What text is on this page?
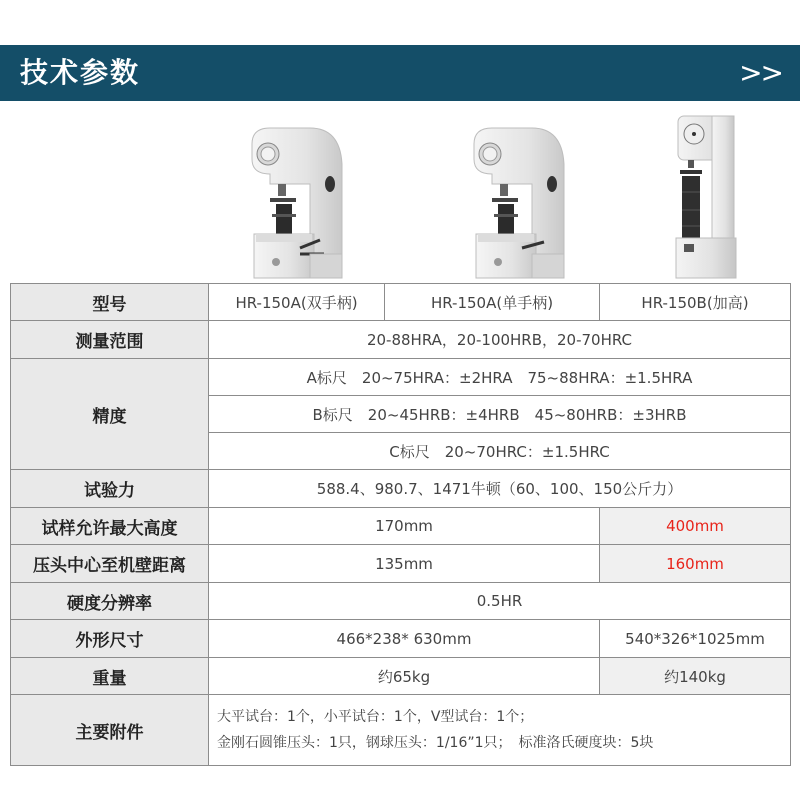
技术参数	>>
型号	HR-150A(双手柄)	HR-150A(单手柄)	HR-150B(加高)
测量范围	20-88HRA，20-100HRB，20-70HRC		
精度	A标尺　20~75HRA：±2HRA　75~88HRA：±1.5HRA		
	B标尺　20~45HRB：±4HRB　45~80HRB：±3HRB		
	C标尺　20~70HRC：±1.5HRC		
试验力	588.4、980.7、1471牛顿（60、100、150公斤力）		
试样允许最大高度	170mm		400mm
压头中心至机壁距离	135mm		160mm
硬度分辨率	0.5HR		
外形尺寸	466*238* 630mm		540*326*1025mm
重量	约65kg		约140kg
主要附件	大平试台：1个，小平试台：1个，V型试台：1个；
金刚石圆锥压头：1只，钢球压头：1/16”1只；　标准洛氏硬度块：5块		
